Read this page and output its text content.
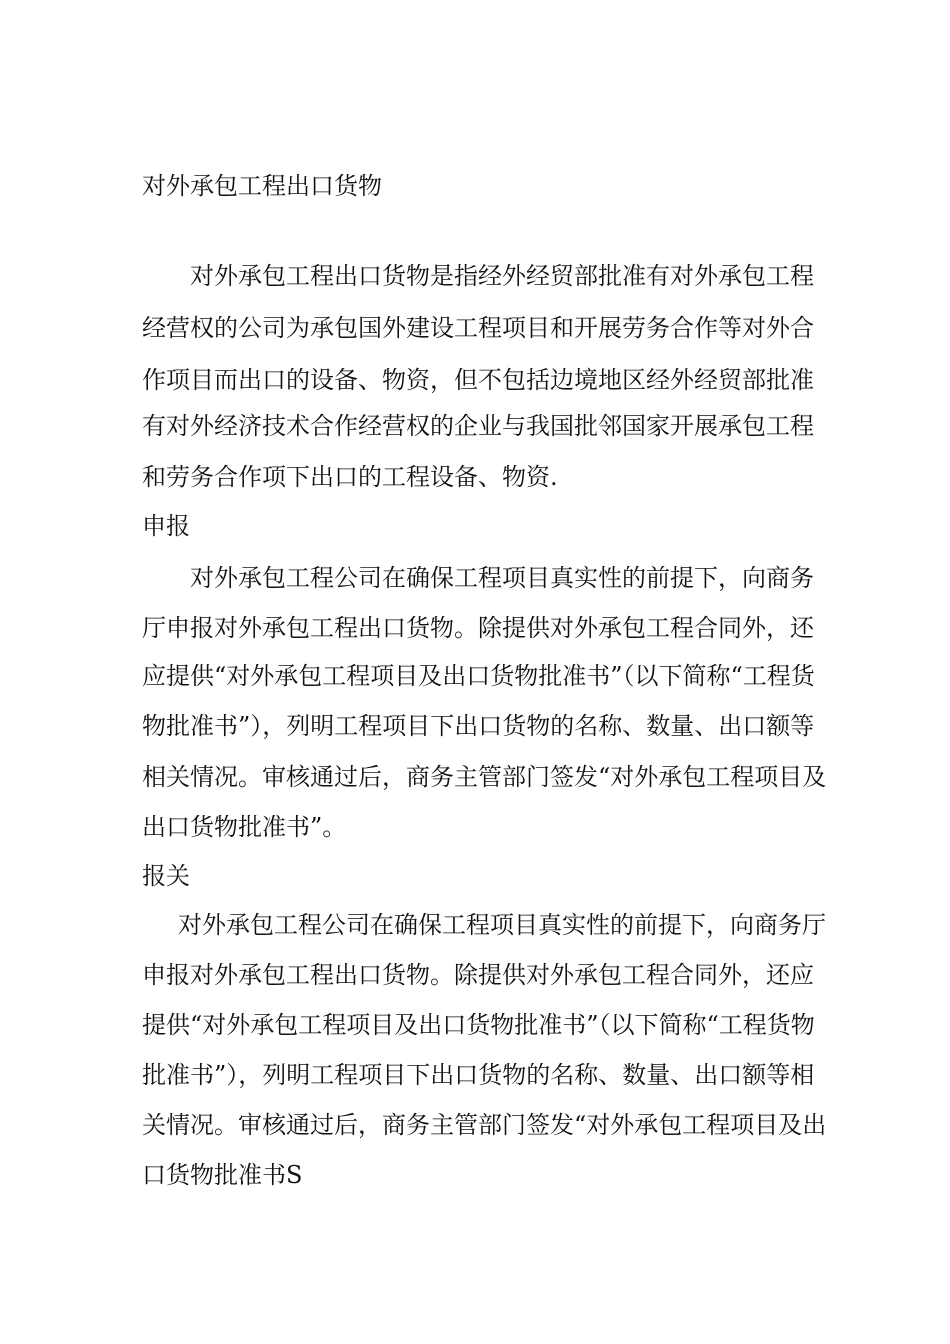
对外承包工程出口货物
对外承包工程出口货物是指经外经贸部批准有对外承包工程
经营权的公司为承包国外建设工程项目和开展劳务合作等对外合
作项目而出口的设备、物资，但不包括边境地区经外经贸部批准
有对外经济技术合作经营权的企业与我国批邻国家开展承包工程
和劳务合作项下出口的工程设备、物资.
申报
对外承包工程公司在确保工程项目真实性的前提下，向商务
厅申报对外承包工程出口货物。除提供对外承包工程合同外，还
应提供“对外承包工程项目及出口货物批准书”（以下简称“工程货
物批准书”），列明工程项目下出口货物的名称、数量、出口额等
相关情况。审核通过后，商务主管部门签发“对外承包工程项目及
出口货物批准书”。
报关
对外承包工程公司在确保工程项目真实性的前提下，向商务厅
申报对外承包工程出口货物。除提供对外承包工程合同外，还应
提供“对外承包工程项目及出口货物批准书”（以下简称“工程货物
批准书”），列明工程项目下出口货物的名称、数量、出口额等相
关情况。审核通过后，商务主管部门签发“对外承包工程项目及出
口货物批准书S
